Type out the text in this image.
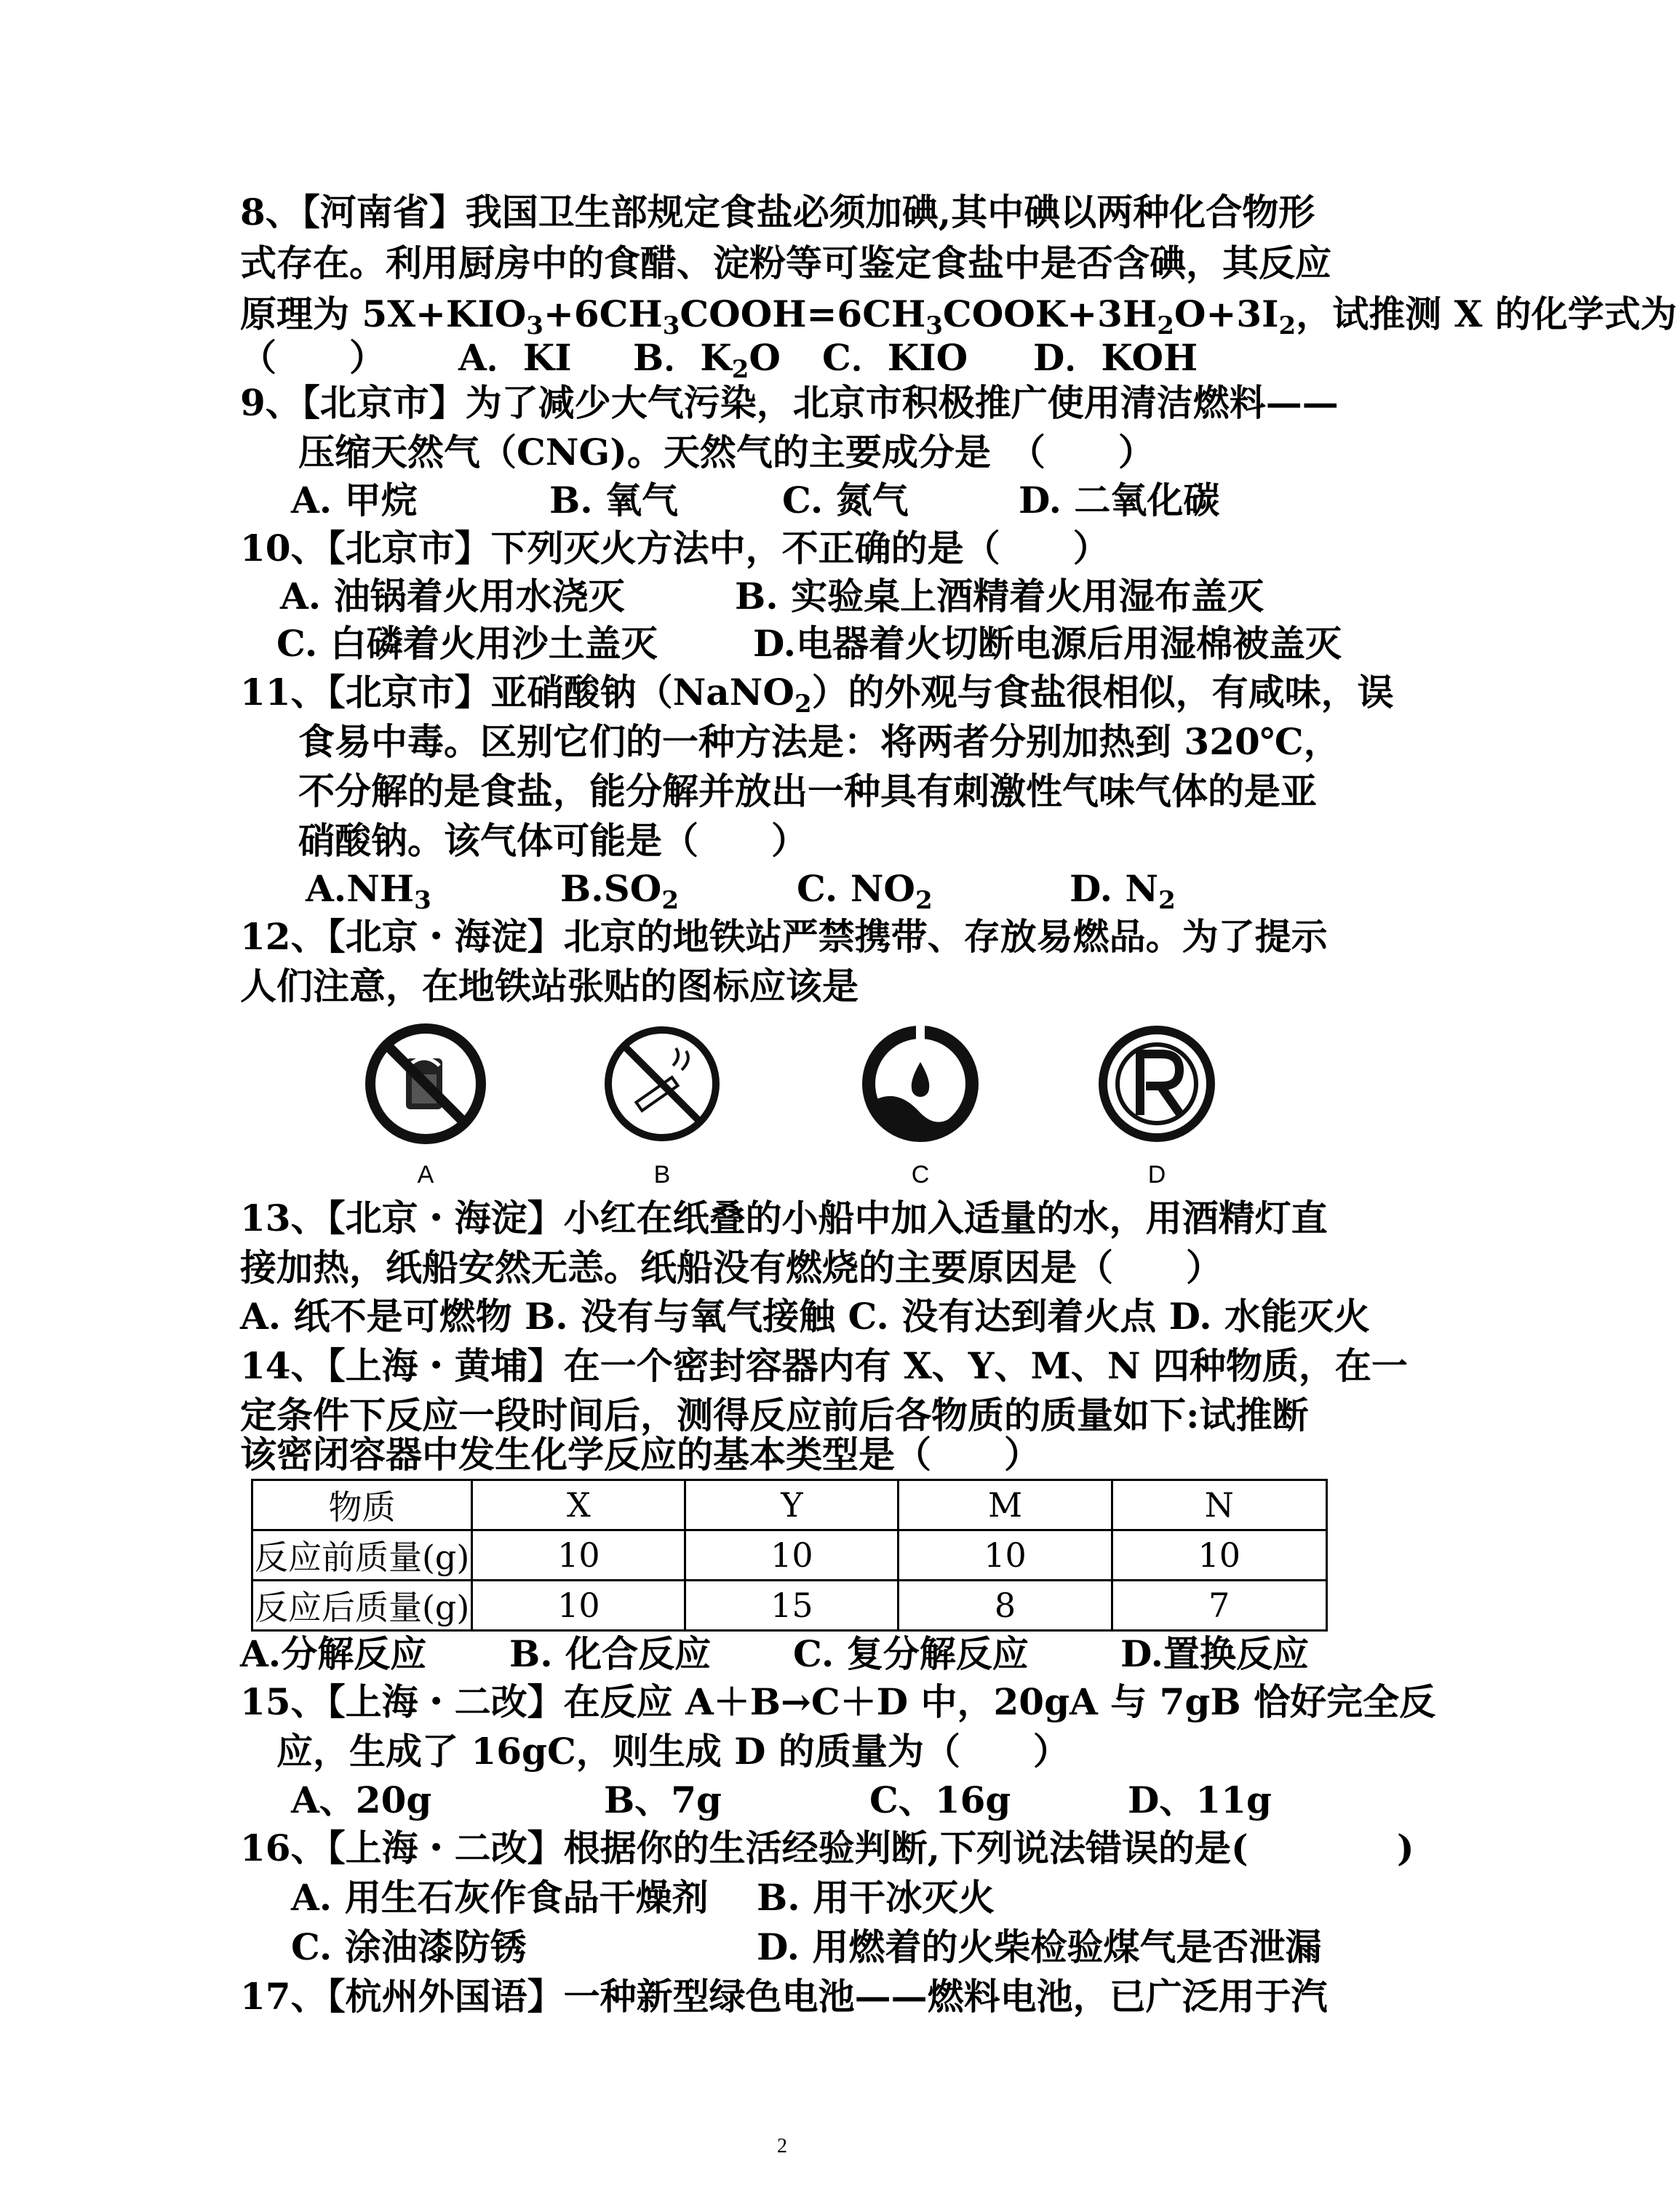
8、【河南省】我国卫生部规定食盐必须加碘,其中碘以两种化合物形
式存在。利用厨房中的食醋、淀粉等可鉴定食盐中是否含碘，其反应
原理为 $5X+KIO_3+6CH_3COOH=6CH_3COOK+3H_2O+3I_2$，试推测 X 的化学式为
（　　） A．KI B．$K_2O$ C．KIO D．KOH
9、【北京市】为了减少大气污染，北京市积极推广使用清洁燃料——
压缩天然气（CNG)。天然气的主要成分是　（　　）
A. 甲烷	B. 氧气	C. 氮气	D. 二氧化碳
10、【北京市】下列灭火方法中，不正确的是（　　）
A. 油锅着火用水浇灭	B. 实验桌上酒精着火用湿布盖灭
C. 白磷着火用沙土盖灭	D.电器着火切断电源后用湿棉被盖灭
11、【北京市】亚硝酸钠（NaNO$_2$）的外观与食盐很相似，有咸味，误
食易中毒。区别它们的一种方法是：将两者分别加热到 320℃，
不分解的是食盐，能分解并放出一种具有刺激性气味气体的是亚
硝酸钠。该气体可能是（　　）
$A.NH_3$	$B.SO_2$	C. $NO_2$	D. $N_2$
12、【北京・海淀】北京的地铁站严禁携带、存放易燃品。为了提示
人们注意，在地铁站张贴的图标应该是
A	B	C	D
13、【北京・海淀】小红在纸叠的小船中加入适量的水，用酒精灯直
接加热，纸船安然无恙。纸船没有燃烧的主要原因是（　　）
A. 纸不是可燃物 B. 没有与氧气接触 C. 没有达到着火点 D. 水能灭火
14、【上海・黄埔】在一个密封容器内有 X、Y、M、N 四种物质，在一
定条件下反应一段时间后，测得反应前后各物质的质量如下:试推断
该密闭容器中发生化学反应的基本类型是（　　）
物质	X	Y	M	N
反应前质量(g)	10	10	10	10
反应后质量(g)	10	15	8	7
A.分解反应 B. 化合反应 C. 复分解反应	D.置换反应
15、【上海・二改】在反应 A＋B→C＋D 中，20gA 与 7gB 恰好完全反
应，生成了 16gC，则生成 D 的质量为（　　）
A、20g	B、7g	C、16g	D、11g
16、【上海・二改】根据你的生活经验判断,下列说法错误的是(	)
A. 用生石灰作食品干燥剂 B. 用干冰灭火
C. 涂油漆防锈	D. 用燃着的火柴检验煤气是否泄漏
17、【杭州外国语】一种新型绿色电池——燃料电池，已广泛用于汽
2
